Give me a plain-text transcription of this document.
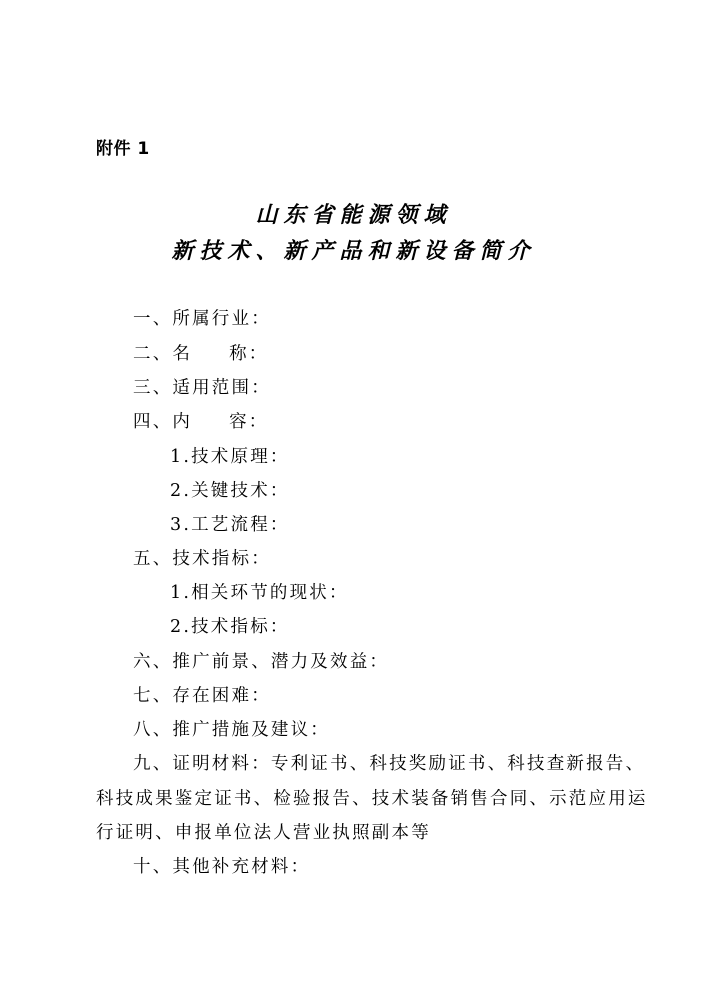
附件 1
山东省能源领域
新技术、新产品和新设备简介
一、所属行业：
二、名 称：
三、适用范围：
四、内 容：
1.技术原理：
2.关键技术：
3.工艺流程：
五、技术指标：
1.相关环节的现状：
2.技术指标：
六、推广前景、潜力及效益：
七、存在困难：
八、推广措施及建议：
九、证明材料：专利证书、科技奖励证书、科技查新报告、
科技成果鉴定证书、检验报告、技术装备销售合同、示范应用运
行证明、申报单位法人营业执照副本等
十、其他补充材料：
